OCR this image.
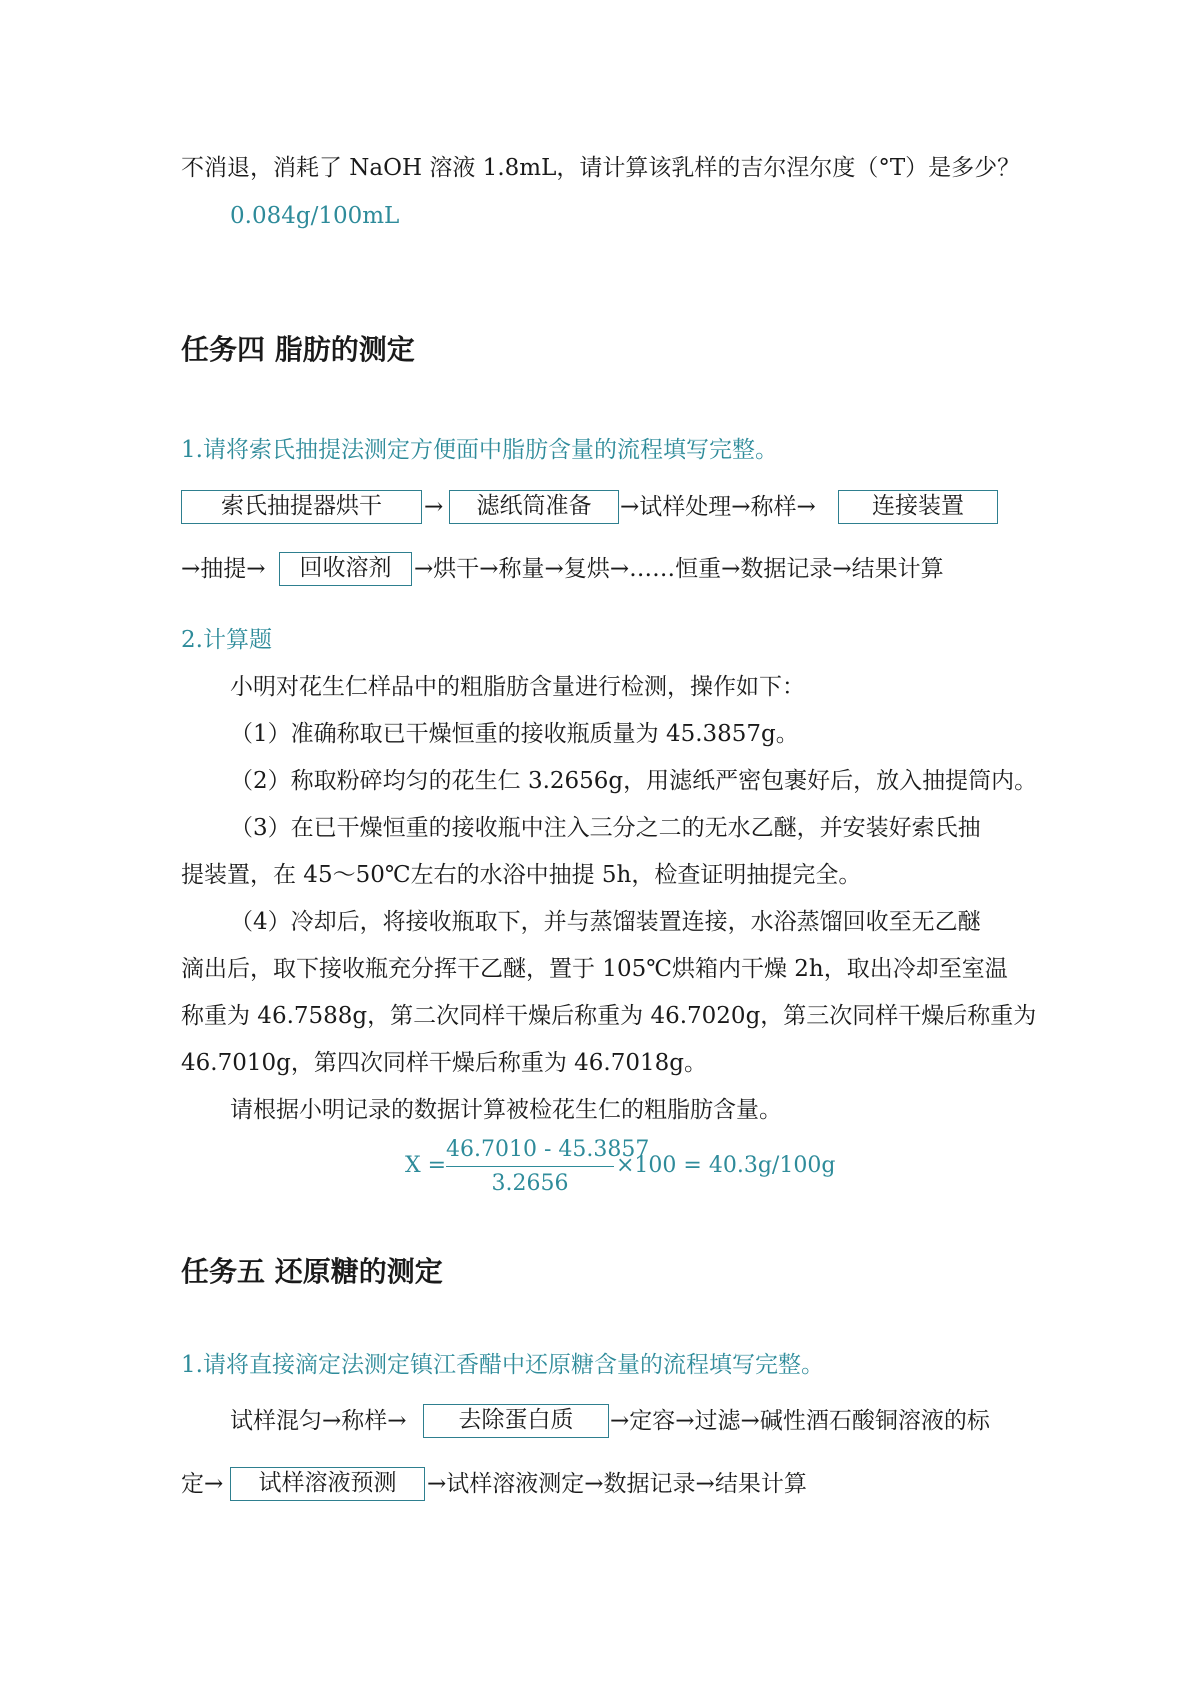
不消退，消耗了 NaOH 溶液 1.8mL，请计算该乳样的吉尔涅尔度（°T）是多少？
0.084g/100mL
任务四 脂肪的测定
1.请将索氏抽提法测定方便面中脂肪含量的流程填写完整。
索氏抽提器烘干	→	滤纸筒准备	→试样处理→称样→	连接装置
→抽提→	回收溶剂 →烘干→称量→复烘→……恒重→数据记录→结果计算
2.计算题
小明对花生仁样品中的粗脂肪含量进行检测，操作如下：
（1）准确称取已干燥恒重的接收瓶质量为 45.3857g。
（2）称取粉碎均匀的花生仁 3.2656g，用滤纸严密包裹好后，放入抽提筒内。
（3）在已干燥恒重的接收瓶中注入三分之二的无水乙醚，并安装好索氏抽
提装置，在 45～50℃左右的水浴中抽提 5h，检查证明抽提完全。
（4）冷却后，将接收瓶取下，并与蒸馏装置连接，水浴蒸馏回收至无乙醚
滴出后，取下接收瓶充分挥干乙醚，置于 105℃烘箱内干燥 2h，取出冷却至室温
称重为 46.7588g，第二次同样干燥后称重为 46.7020g，第三次同样干燥后称重为
46.7010g，第四次同样干燥后称重为 46.7018g。
请根据小明记录的数据计算被检花生仁的粗脂肪含量。
X =
46.7010 - 45.3857
3.2656
×100 = 40.3g/100g
任务五 还原糖的测定
1.请将直接滴定法测定镇江香醋中还原糖含量的流程填写完整。
试样混匀→称样→	去除蛋白质	→定容→过滤→碱性酒石酸铜溶液的标
定→	试样溶液预测	→试样溶液测定→数据记录→结果计算
